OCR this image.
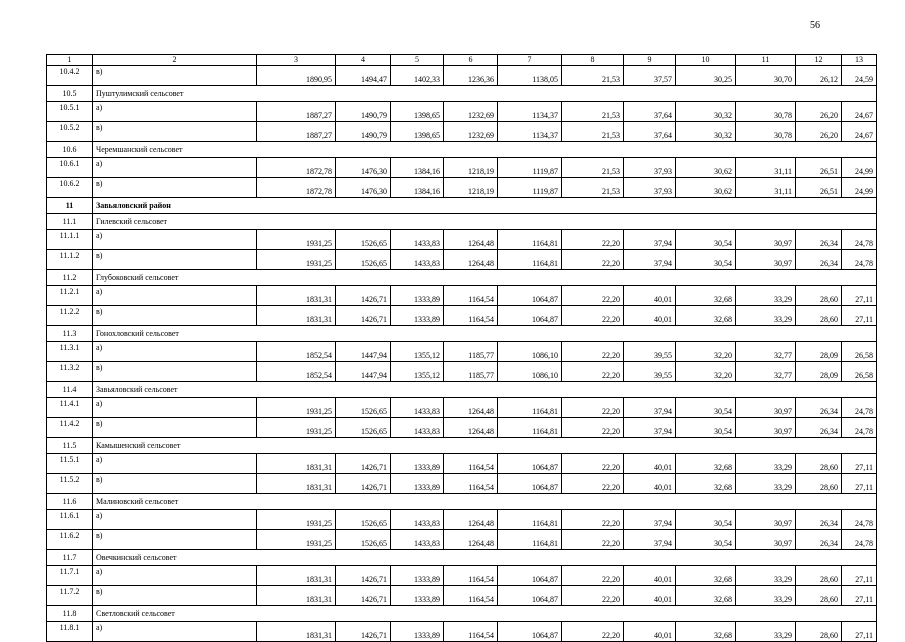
56
1	2	3	4	5	6	7	8	9	10	11	12	13
10.4.2	в)	1890,95	1494,47	1402,33	1236,36	1138,05	21,53	37,57	30,25	30,70	26,12	24,59
10.5	Пуштулимский сельсовет											
10.5.1	а)	1887,27	1490,79	1398,65	1232,69	1134,37	21,53	37,64	30,32	30,78	26,20	24,67
10.5.2	в)	1887,27	1490,79	1398,65	1232,69	1134,37	21,53	37,64	30,32	30,78	26,20	24,67
10.6	Черемшанский сельсовет											
10.6.1	а)	1872,78	1476,30	1384,16	1218,19	1119,87	21,53	37,93	30,62	31,11	26,51	24,99
10.6.2	в)	1872,78	1476,30	1384,16	1218,19	1119,87	21,53	37,93	30,62	31,11	26,51	24,99
11	Завьяловский район											
11.1	Гилевский сельсовет											
11.1.1	а)	1931,25	1526,65	1433,83	1264,48	1164,81	22,20	37,94	30,54	30,97	26,34	24,78
11.1.2	в)	1931,25	1526,65	1433,83	1264,48	1164,81	22,20	37,94	30,54	30,97	26,34	24,78
11.2	Глубоковский сельсовет											
11.2.1	а)	1831,31	1426,71	1333,89	1164,54	1064,87	22,20	40,01	32,68	33,29	28,60	27,11
11.2.2	в)	1831,31	1426,71	1333,89	1164,54	1064,87	22,20	40,01	32,68	33,29	28,60	27,11
11.3	Гонохловский сельсовет											
11.3.1	а)	1852,54	1447,94	1355,12	1185,77	1086,10	22,20	39,55	32,20	32,77	28,09	26,58
11.3.2	в)	1852,54	1447,94	1355,12	1185,77	1086,10	22,20	39,55	32,20	32,77	28,09	26,58
11.4	Завьяловский сельсовет											
11.4.1	а)	1931,25	1526,65	1433,83	1264,48	1164,81	22,20	37,94	30,54	30,97	26,34	24,78
11.4.2	в)	1931,25	1526,65	1433,83	1264,48	1164,81	22,20	37,94	30,54	30,97	26,34	24,78
11.5	Камышенский сельсовет											
11.5.1	а)	1831,31	1426,71	1333,89	1164,54	1064,87	22,20	40,01	32,68	33,29	28,60	27,11
11.5.2	в)	1831,31	1426,71	1333,89	1164,54	1064,87	22,20	40,01	32,68	33,29	28,60	27,11
11.6	Малиновский сельсовет											
11.6.1	а)	1931,25	1526,65	1433,83	1264,48	1164,81	22,20	37,94	30,54	30,97	26,34	24,78
11.6.2	в)	1931,25	1526,65	1433,83	1264,48	1164,81	22,20	37,94	30,54	30,97	26,34	24,78
11.7	Овечкинский сельсовет											
11.7.1	а)	1831,31	1426,71	1333,89	1164,54	1064,87	22,20	40,01	32,68	33,29	28,60	27,11
11.7.2	в)	1831,31	1426,71	1333,89	1164,54	1064,87	22,20	40,01	32,68	33,29	28,60	27,11
11.8	Светловский сельсовет											
11.8.1	а)	1831,31	1426,71	1333,89	1164,54	1064,87	22,20	40,01	32,68	33,29	28,60	27,11
